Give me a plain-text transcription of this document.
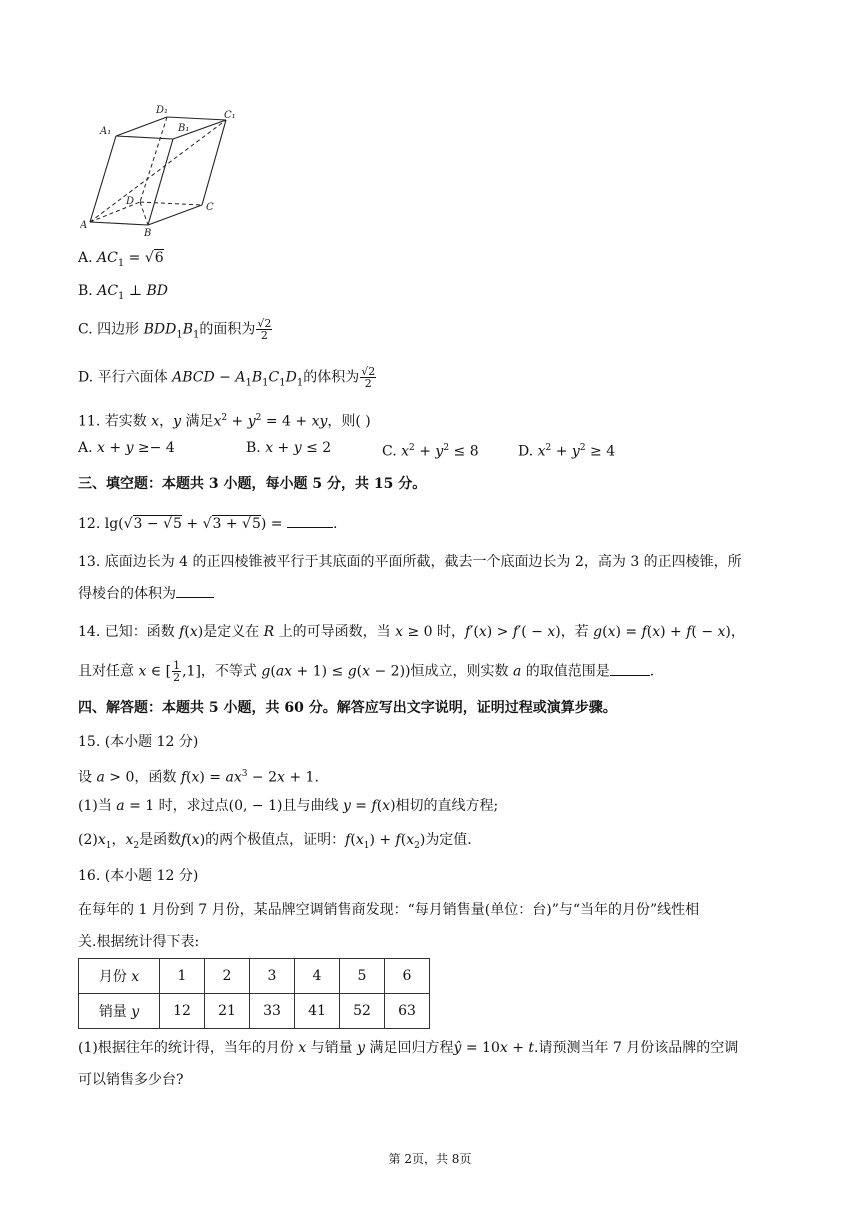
D₁	C₁
A₁	B₁
D
C
A
B
A. $AC_1 = √6$
B. $AC_1$ ⊥ BD
C. 四边形 $BDD_1B_1$的面积为 $\frac{√2}{2}$
D. 平行六面体 ABCD − $A_1B_1C_1D_1$的体积为 $\frac{√2}{2}$
11. 若实数 x，y 满足$x^2 + y^2 = 4$ + xy，则( )
A. x + y ≥− 4	B. x + y ≤ 2	C. $x^2 + y^2 \le 8$	D. $x^2 + y^2 \ge 4$
三、填空题：本题共 3 小题，每小题 5 分，共 15 分。
12. lg(√3 − √5 + √3 + √5) =	.
13. 底面边长为 4 的正四棱锥被平行于其底面的平面所截，截去一个底面边长为 2，高为 3 的正四棱锥，所
得棱台的体积为
14. 已知：函数 f(x)是定义在 R 上的可导函数，当 x ≥ 0 时，f′(x) > f′( − x)，若 g(x) = f(x) + f( − x)，
且对任意 x ∈ [ $\frac{1}{2} ,1$]，不等式 g(ax + 1) ≤ g(x − 2))恒成立，则实数 a 的取值范围是	.
四、解答题：本题共 5 小题，共 60 分。解答应写出文字说明，证明过程或演算步骤。
15. (本小题 12 分)
设 a > 0，函数 $f(x) = ax^3 - 2x + 1$.
(1)当 a = 1 时，求过点(0, − 1)且与曲线 y = f(x)相切的直线方程;
$(2)x_1$，$x_2$是函数f(x)的两个极值点，证明：$f(x_1) + f(x_2)$为定值.
16. (本小题 12 分)
在每年的 1 月份到 7 月份，某品牌空调销售商发现：“每月销售量(单位：台)”与“当年的月份”线性相
关.根据统计得下表:
月份 x	1	2	3	4	5	6
销量 y	12	21	33	41	52	63
(1)根据往年的统计得，当年的月份 x 与销量 y 满足回归方程ŷ = 10x + t.请预测当年 7 月份该品牌的空调
可以销售多少台?
第 2页，共 8页
